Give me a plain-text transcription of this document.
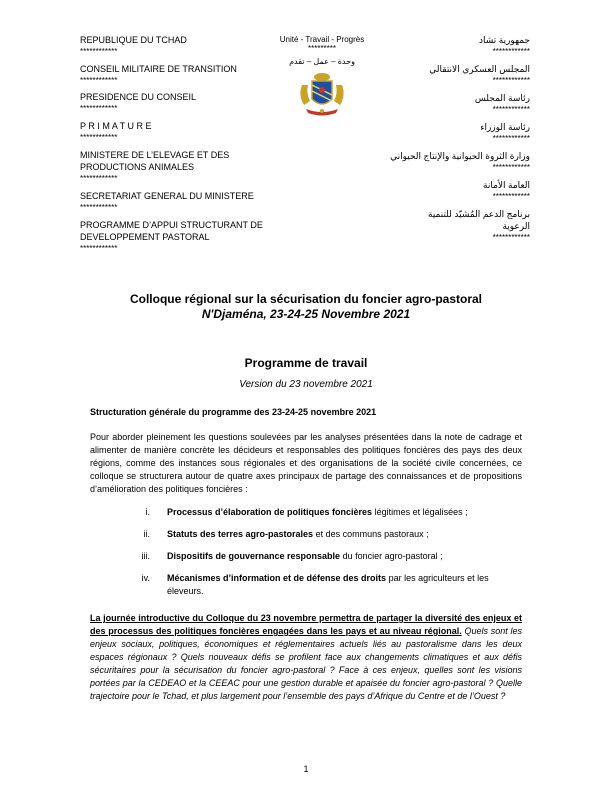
REPUBLIQUE DU TCHAD
************
CONSEIL MILITAIRE DE TRANSITION
************
PRESIDENCE DU CONSEIL
************
P R I M A T U R E
************
MINISTERE DE L’ELEVAGE ET DES PRODUCTIONS ANIMALES
************
SECRETARIAT GENERAL DU MINISTERE
************
PROGRAMME D’APPUI STRUCTURANT DE DEVELOPPEMENT PASTORAL
************
Unité - Travail - Progrès
*********
وحدة – عمل – تقدم
جمهورية تشاد
************
المجلس العسكري الانتقالي
************
رئاسة المجلس
************
رئاسة الوزراء
************
وزارة الثروة الحيوانية والإنتاج الحيواني
************
العامة الأمانة
************
برنامج الدعم المُشيّد للتنمية الرعوية
************
Colloque régional sur la sécurisation du foncier agro-pastoral
N'Djaména, 23-24-25 Novembre 2021
Programme de travail
Version du 23 novembre 2021
Structuration générale du programme des 23-24-25 novembre 2021
Pour aborder pleinement les questions soulevées par les analyses présentées dans la note de cadrage et alimenter de manière concrète les décideurs et responsables des politiques foncières des pays des deux régions, comme des instances sous régionales et des organisations de la société civile concernées, ce colloque se structurera autour de quatre axes principaux de partage des connaissances et de propositions d’amélioration des politiques foncières :
i.	Processus d’élaboration de politiques foncières légitimes et légalisées ;
ii.	Statuts des terres agro-pastorales et des communs pastoraux ;
iii.	Dispositifs de gouvernance responsable du foncier agro-pastoral ;
iv.	Mécanismes d’information et de défense des droits par les agriculteurs et les éleveurs.
La journée introductive du Colloque du 23 novembre permettra de partager la diversité des enjeux et des processus des politiques foncières engagées dans les pays et au niveau régional. Quels sont les enjeux sociaux, politiques, économiques et réglementaires actuels liés au pastoralisme dans les deux espaces régionaux ? Quels nouveaux défis se profilent face aux changements climatiques et aux défis sécuritaires pour la sécurisation du foncier agro-pastoral ? Face à ces enjeux, quelles sont les visions portées par la CEDEAO et la CEEAC pour une gestion durable et apaisée du foncier agro-pastoral ? Quelle trajectoire pour le Tchad, et plus largement pour l’ensemble des pays d’Afrique du Centre et de l’Ouest ?
1
